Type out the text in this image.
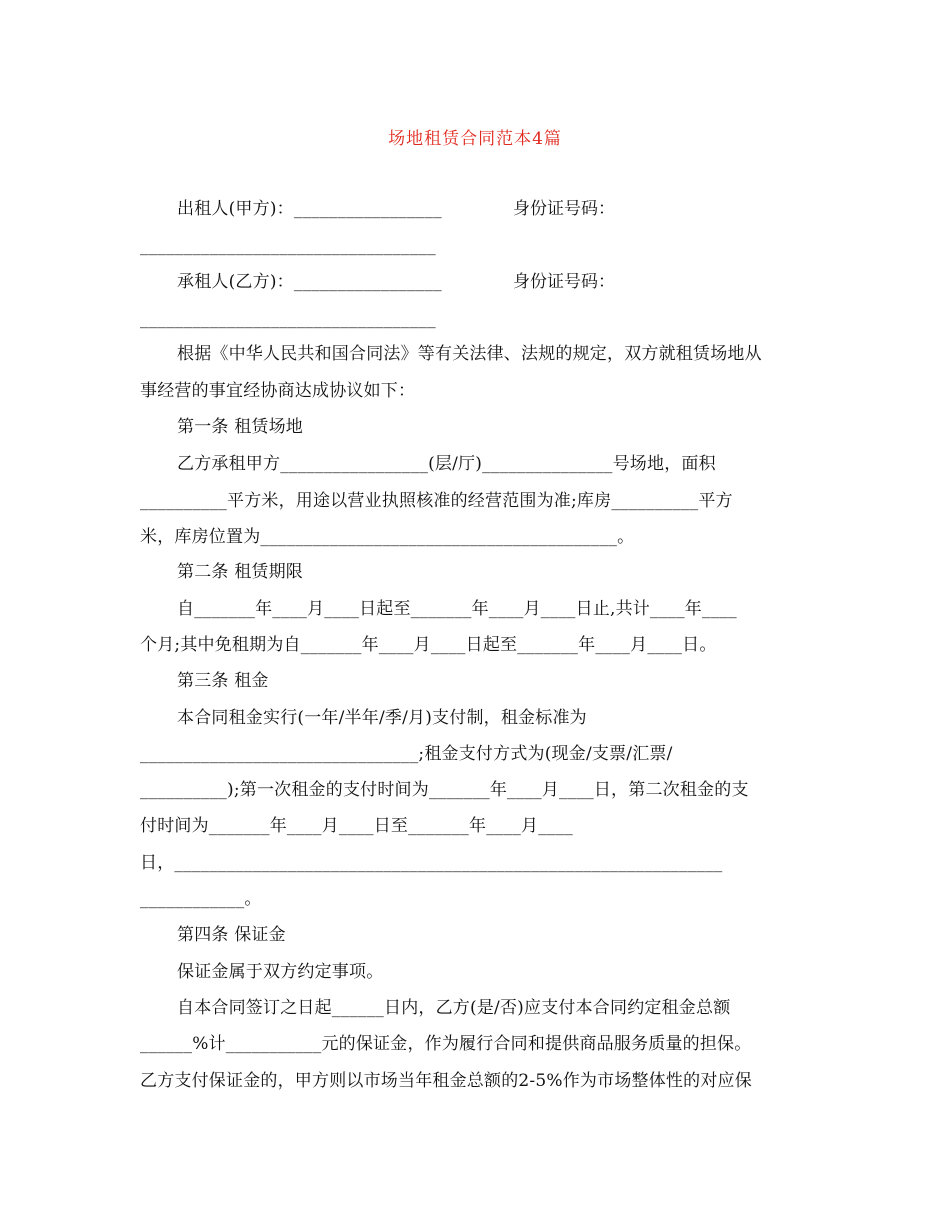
场地租赁合同范本4篇
出租人(甲方)：_________________	身份证号码：
__________________________________
承租人(乙方)：_________________	身份证号码：
__________________________________
根据《中华人民共和国合同法》等有关法律、法规的规定，双方就租赁场地从
事经营的事宜经协商达成协议如下：
第一条 租赁场地
乙方承租甲方_________________(层/厅)_______________号场地，面积
__________平方米，用途以营业执照核准的经营范围为准;库房__________平方
米，库房位置为_________________________________________。
第二条 租赁期限
自_______年____月____日起至_______年____月____日止,共计____年____
个月;其中免租期为自_______年____月____日起至_______年____月____日。
第三条 租金
本合同租金实行(一年/半年/季/月)支付制，租金标准为
________________________________;租金支付方式为(现金/支票/汇票/
__________);第一次租金的支付时间为_______年____月____日，第二次租金的支
付时间为_______年____月____日至_______年____月____
日，_______________________________________________________________
____________。
第四条 保证金
保证金属于双方约定事项。
自本合同签订之日起______日内，乙方(是/否)应支付本合同约定租金总额
______%计___________元的保证金，作为履行合同和提供商品服务质量的担保。
乙方支付保证金的，甲方则以市场当年租金总额的2-5%作为市场整体性的对应保
